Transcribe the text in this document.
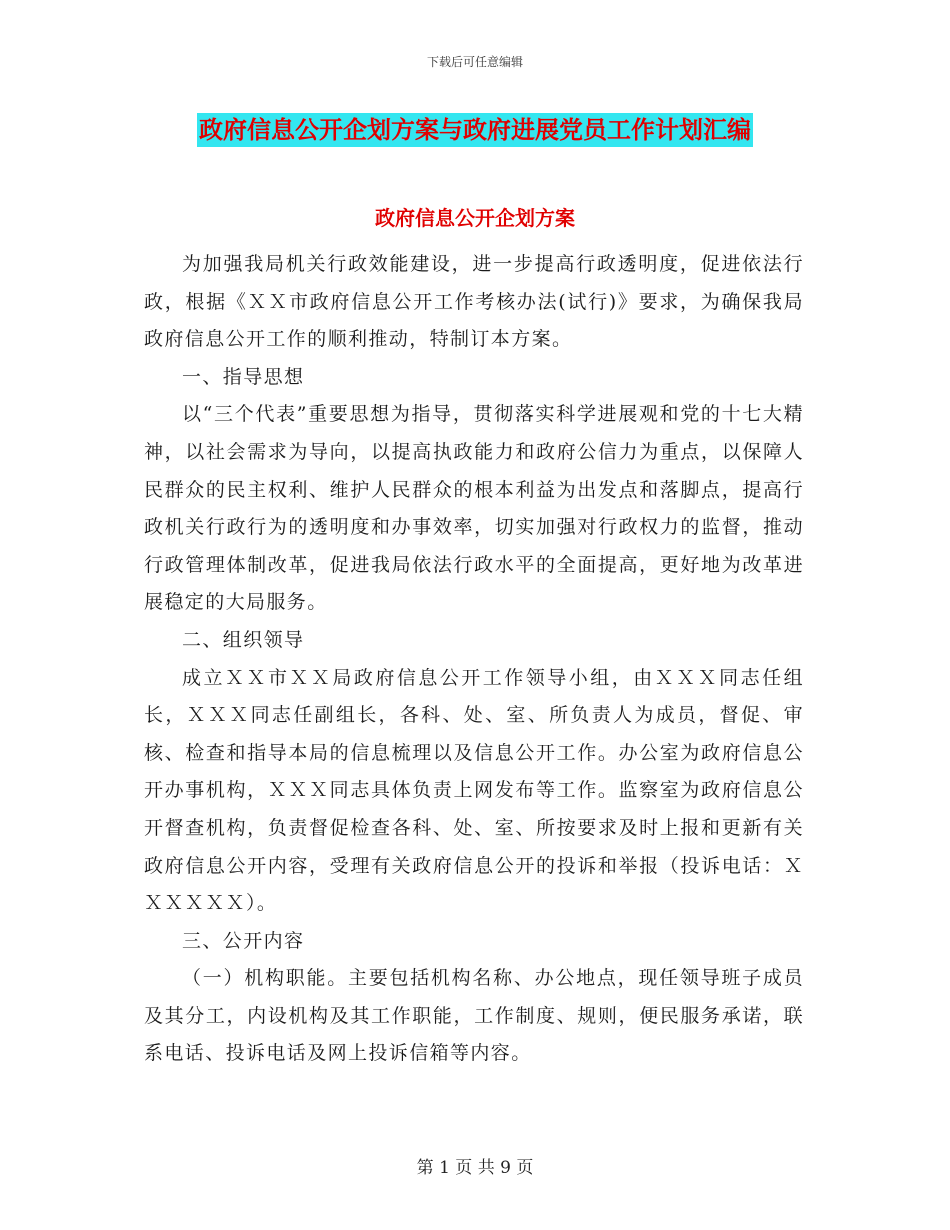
下载后可任意编辑
政府信息公开企划方案与政府进展党员工作计划汇编
政府信息公开企划方案

为加强我局机关行政效能建设，进一步提高行政透明度，促进依法行政，根据《ＸＸ市政府信息公开工作考核办法(试行)》要求，为确保我局政府信息公开工作的顺利推动，特制订本方案。

一、指导思想

以“三个代表”重要思想为指导，贯彻落实科学进展观和党的十七大精神，以社会需求为导向，以提高执政能力和政府公信力为重点，以保障人民群众的民主权利、维护人民群众的根本利益为出发点和落脚点，提高行政机关行政行为的透明度和办事效率，切实加强对行政权力的监督，推动行政管理体制改革，促进我局依法行政水平的全面提高，更好地为改革进展稳定的大局服务。

二、组织领导

成立ＸＸ市ＸＸ局政府信息公开工作领导小组，由ＸＸＸ同志任组长，ＸＸＸ同志任副组长，各科、处、室、所负责人为成员，督促、审核、检查和指导本局的信息梳理以及信息公开工作。办公室为政府信息公开办事机构，ＸＸＸ同志具体负责上网发布等工作。监察室为政府信息公开督查机构，负责督促检查各科、处、室、所按要求及时上报和更新有关政府信息公开内容，受理有关政府信息公开的投诉和举报（投诉电话：ＸＸＸＸＸＸ）。

三、公开内容

（一）机构职能。主要包括机构名称、办公地点，现任领导班子成员及其分工，内设机构及其工作职能，工作制度、规则，便民服务承诺，联系电话、投诉电话及网上投诉信箱等内容。

第 1 页 共 9 页
